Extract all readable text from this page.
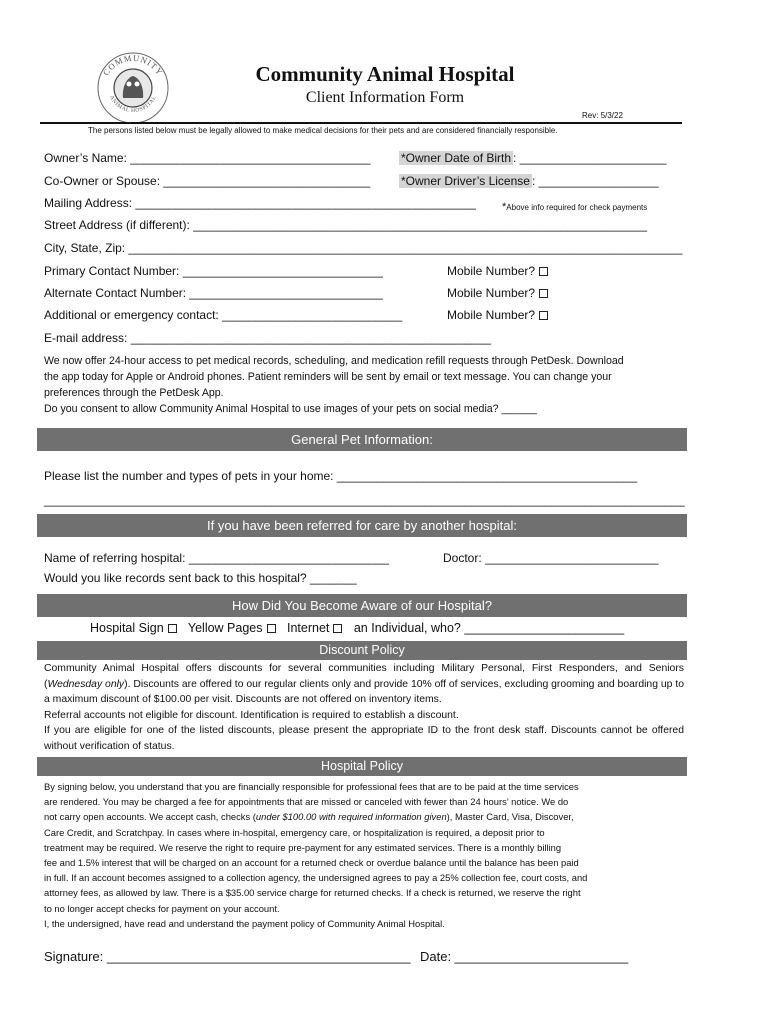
COMMUNITY
ANIMAL HOSPITAL
Community Animal Hospital
Client Information Form
Rev: 5/3/22
The persons listed below must be legally allowed to make medical decisions for their pets and are considered financially responsible.
Owner’s Name: ____________________________________	*Owner Date of Birth : ______________________
Co-Owner or Spouse: _______________________________	*Owner Driver’s License : __________________
Mailing Address: ___________________________________________________ *Above info required for check payments
Street Address (if different): ____________________________________________________________________
City, State, Zip: ___________________________________________________________________________________
Primary Contact Number: ______________________________	Mobile Number?
Alternate Contact Number: _____________________________	Mobile Number?
Additional or emergency contact: ___________________________	Mobile Number?
E-mail address: ______________________________________________________

We now offer 24-hour access to pet medical records, scheduling, and medication refill requests through PetDesk. Download

the app today for Apple or Android phones. Patient reminders will be sent by email or text message. You can change your

preferences through the PetDesk App.

Do you consent to allow Community Animal Hospital to use images of your pets on social media? ______

General Pet Information:
Please list the number and types of pets in your home: _____________________________________________
________________________________________________________________________________________________
If you have been referred for care by another hospital:
Name of referring hospital: ______________________________	Doctor: __________________________
Would you like records sent back to this hospital? _______
How Did You Become Aware of our Hospital?
Hospital Sign Yellow Pages Internet an Individual, who? _______________________
Discount Policy

Community Animal Hospital offers discounts for several communities including Military Personal, First Responders, and Seniors (Wednesday only). Discounts are offered to our regular clients only and provide 10% off of services, excluding grooming and boarding up to a maximum discount of $100.00 per visit. Discounts are not offered on inventory items.

Referral accounts not eligible for discount. Identification is required to establish a discount.

If you are eligible for one of the listed discounts, please present the appropriate ID to the front desk staff. Discounts cannot be offered without verification of status.

Hospital Policy

By signing below, you understand that you are financially responsible for professional fees that are to be paid at the time services

are rendered. You may be charged a fee for appointments that are missed or canceled with fewer than 24 hours’ notice. We do

not carry open accounts. We accept cash, checks (under $100.00 with required information given), Master Card, Visa, Discover,

Care Credit, and Scratchpay. In cases where in-hospital, emergency care, or hospitalization is required, a deposit prior to

treatment may be required. We reserve the right to require pre-payment for any estimated services. There is a monthly billing

fee and 1.5% interest that will be charged on an account for a returned check or overdue balance until the balance has been paid

in full. If an account becomes assigned to a collection agency, the undersigned agrees to pay a 25% collection fee, court costs, and

attorney fees, as allowed by law. There is a $35.00 service charge for returned checks. If a check is returned, we reserve the right

to no longer accept checks for payment on your account.

I, the undersigned, have read and understand the payment policy of Community Animal Hospital.

Signature: __________________________________________ Date: ________________________
